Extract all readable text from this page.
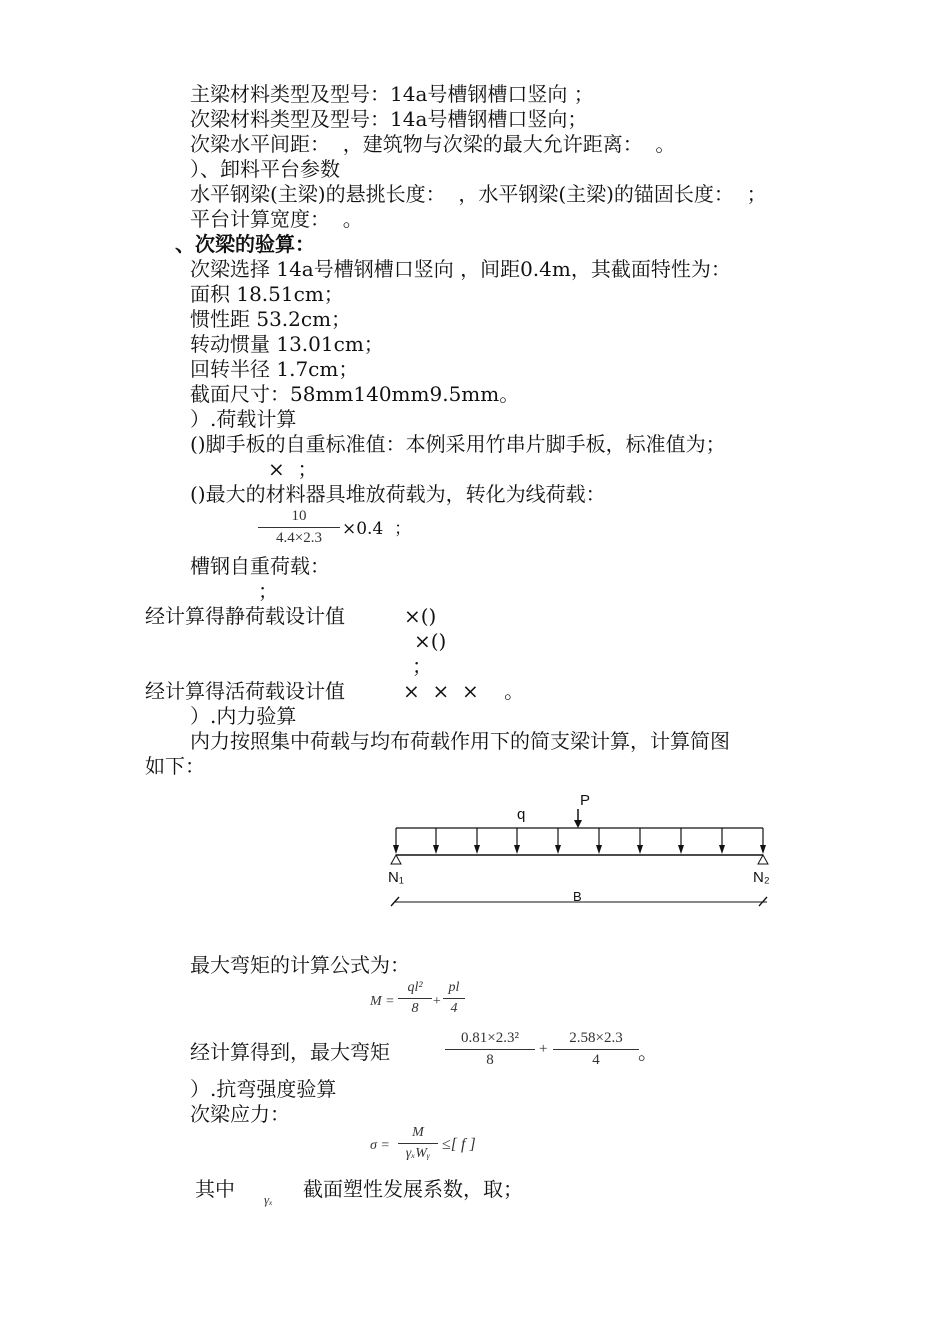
主梁材料类型及型号：14a号槽钢槽口竖向 ；
次梁材料类型及型号：14a号槽钢槽口竖向；
次梁水平间距：  ，建筑物与次梁的最大允许距离：  。
）、卸料平台参数
水平钢梁(主梁)的悬挑长度：  ，水平钢梁(主梁)的锚固长度：  ；
平台计算宽度：  。
、次梁的验算：
次梁选择 14a号槽钢槽口竖向 ，间距0.4m，其截面特性为：
面积 18.51cm；
惯性距 53.2cm；
转动惯量 13.01cm；
回转半径 1.7cm；
截面尺寸：58mm140mm9.5mm。
）.荷载计算
()脚手板的自重标准值：本例采用竹串片脚手板，标准值为；
×  ；
()最大的材料器具堆放荷载为，转化为线荷载：
10
4.4×2.3	×0.4  ；
槽钢自重荷载：
；
经计算得静荷载设计值	×()
×()
；
经计算得活荷载设计值	×  ×  ×    。
）.内力验算
内力按照集中荷载与均布荷载作用下的简支梁计算，计算简图
如下：
P
q
N₁	N₂
B
最大弯矩的计算公式为：
M =
ql²
8 +
pl
4
经计算得到，最大弯矩
0.81×2.3²
8
+
2.58×2.3
4	。
）.抗弯强度验算
次梁应力：
σ =
M
γₓWᵧ
≤[ f ]
其中 γₓ 截面塑性发展系数，取；
